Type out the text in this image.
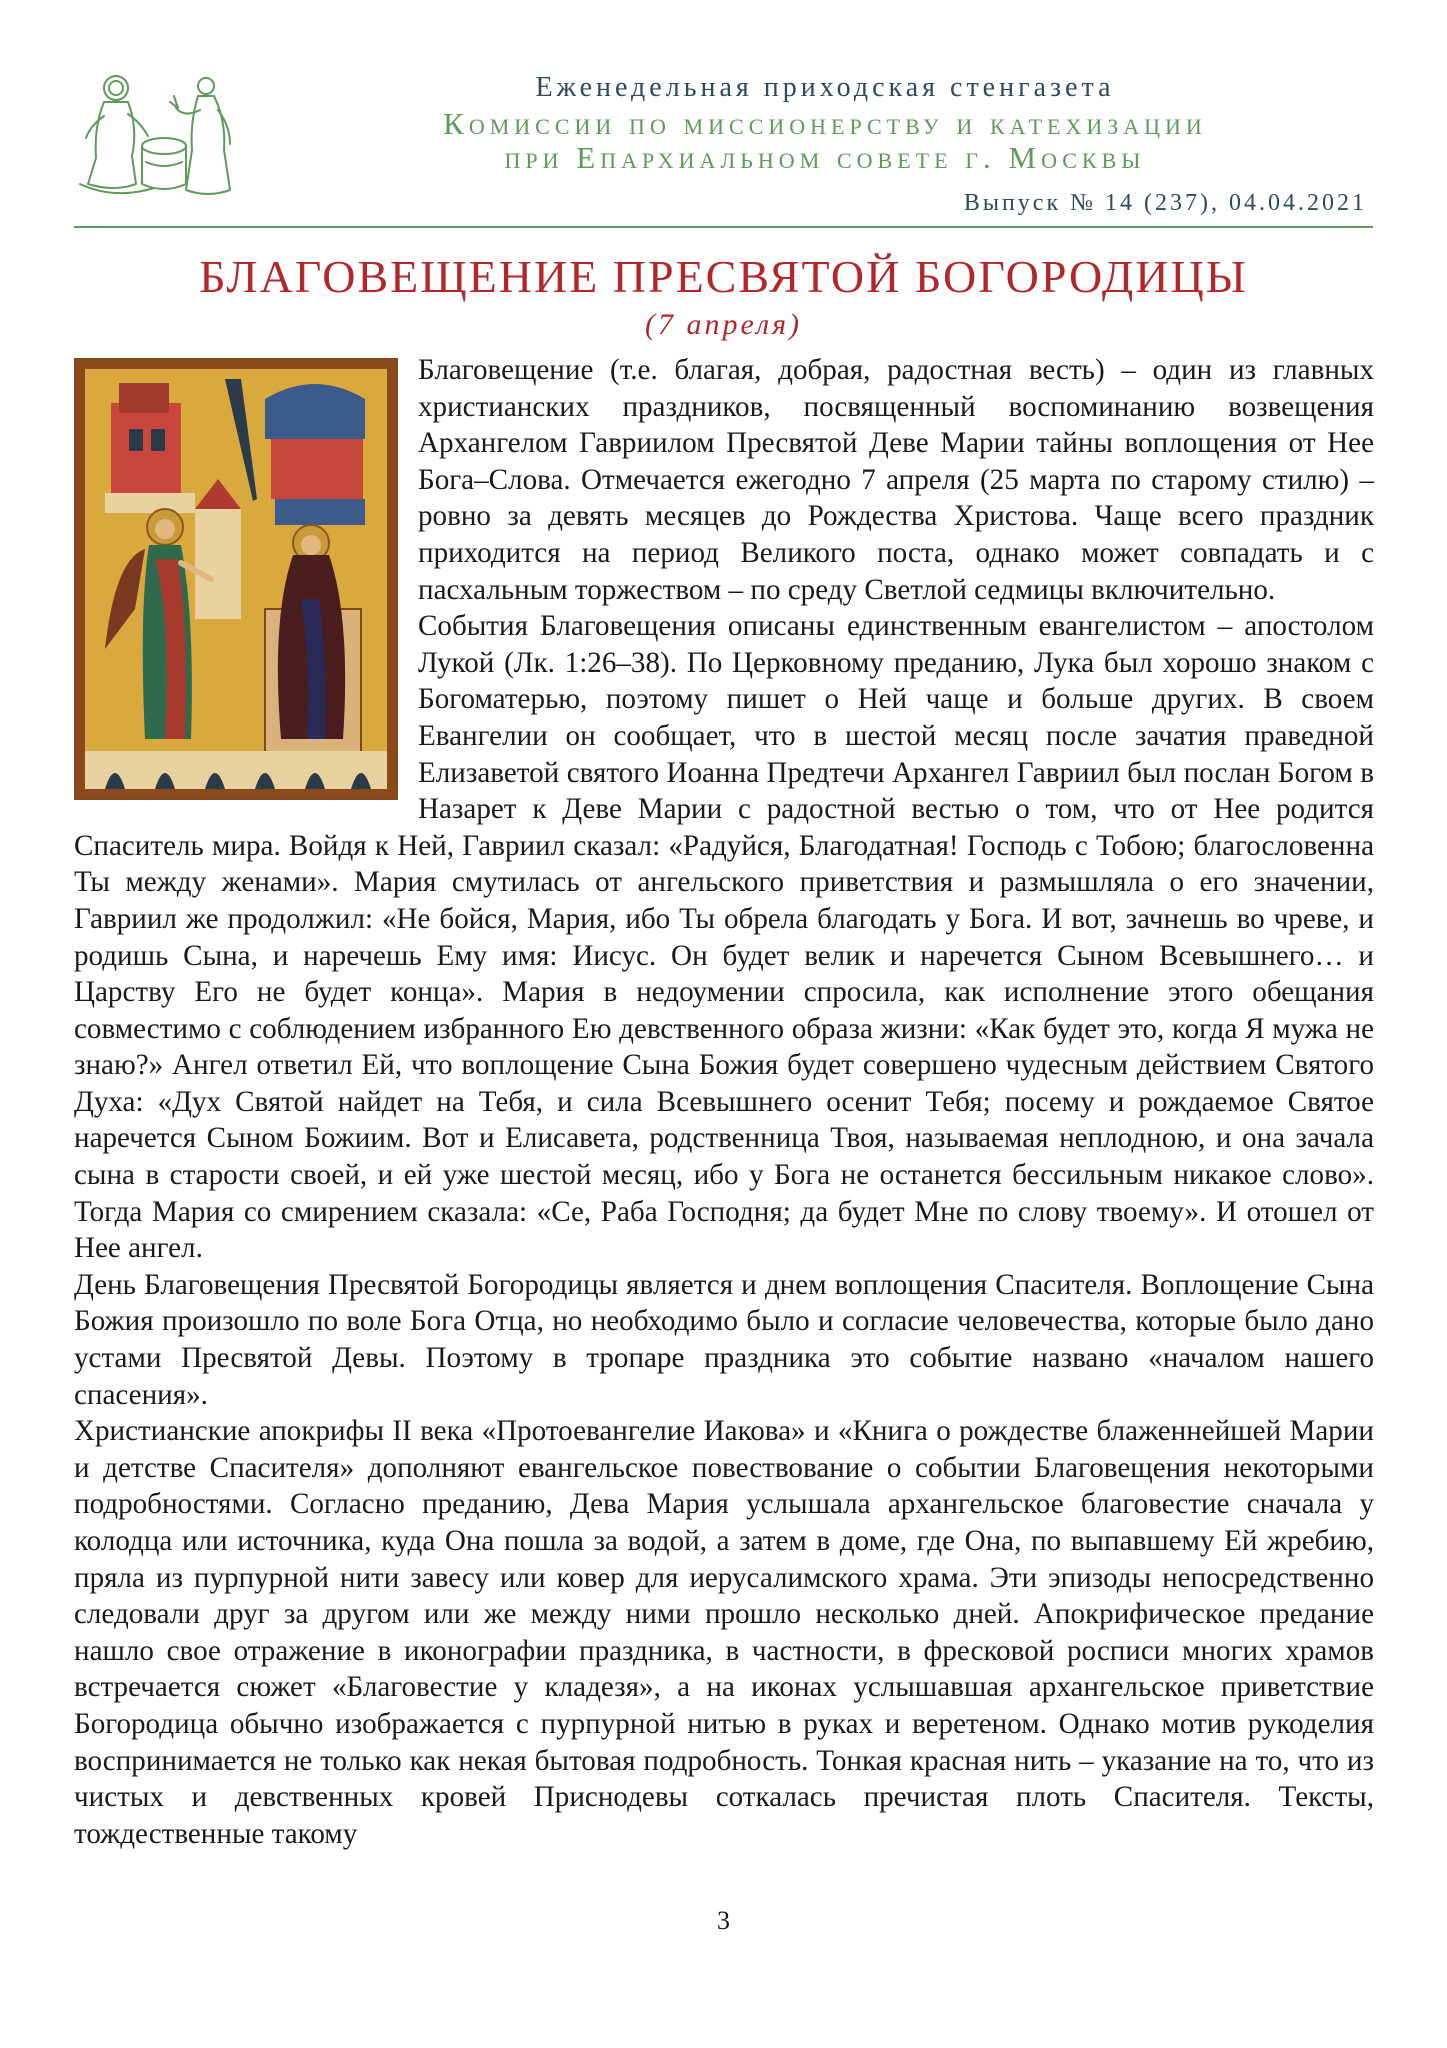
Еженедельная приходская стенгазета
Комиссии по миссионерству и катехизации
при Епархиальном совете г. Москвы
Выпуск № 14 (237), 04.04.2021
БЛАГОВЕЩЕНИЕ ПРЕСВЯТОЙ БОГОРОДИЦЫ
(7 апреля)

Благовещение (т.е. благая, добрая, радостная весть) – один из главных христианских праздников, посвященный воспоминанию возвещения Архангелом Гавриилом Пресвятой Деве Марии тайны воплощения от Нее Бога–Слова. Отмечается ежегодно 7 апреля (25 марта по старому стилю) – ровно за девять месяцев до Рождества Христова. Чаще всего праздник приходится на период Великого поста, однако может совпадать и с пасхальным торжеством – по среду Светлой седмицы включительно.

События Благовещения описаны единственным евангелистом – апостолом Лукой (Лк. 1:26–38). По Церковному преданию, Лука был хорошо знаком с Богоматерью, поэтому пишет о Ней чаще и больше других. В своем Евангелии он сообщает, что в шестой месяц после зачатия праведной Елизаветой святого Иоанна Предтечи Архангел Гавриил был послан Богом в Назарет к Деве Марии с радостной вестью о том, что от Нее родится Спаситель мира. Войдя к Ней, Гавриил сказал: «Радуйся, Благодатная! Господь с Тобою; благословенна Ты между женами». Мария смутилась от ангельского приветствия и размышляла о его значении, Гавриил же продолжил: «Не бойся, Мария, ибо Ты обрела благодать у Бога. И вот, зачнешь во чреве, и родишь Сына, и наречешь Ему имя: Иисус. Он будет велик и наречется Сыном Всевышнего… и Царству Его не будет конца». Мария в недоумении спросила, как исполнение этого обещания совместимо с соблюдением избранного Ею девственного образа жизни: «Как будет это, когда Я мужа не знаю?» Ангел ответил Ей, что воплощение Сына Божия будет совершено чудесным действием Святого Духа: «Дух Святой найдет на Тебя, и сила Всевышнего осенит Тебя; посему и рождаемое Святое наречется Сыном Божиим. Вот и Елисавета, родственница Твоя, называемая неплодною, и она зачала сына в старости своей, и ей уже шестой месяц, ибо у Бога не останется бессильным никакое слово». Тогда Мария со смирением сказала: «Се, Раба Господня; да будет Мне по слову твоему». И отошел от Нее ангел.

День Благовещения Пресвятой Богородицы является и днем воплощения Спасителя. Воплощение Сына Божия произошло по воле Бога Отца, но необходимо было и согласие человечества, которые было дано устами Пресвятой Девы. Поэтому в тропаре праздника это событие названо «началом нашего спасения».

Христианские апокрифы II века «Протоевангелие Иакова» и «Книга о рождестве блаженнейшей Марии и детстве Спасителя» дополняют евангельское повествование о событии Благовещения некоторыми подробностями. Согласно преданию, Дева Мария услышала архангельское благовестие сначала у колодца или источника, куда Она пошла за водой, а затем в доме, где Она, по выпавшему Ей жребию, пряла из пурпурной нити завесу или ковер для иерусалимского храма. Эти эпизоды непосредственно следовали друг за другом или же между ними прошло несколько дней. Апокрифическое предание нашло свое отражение в иконографии праздника, в частности, в фресковой росписи многих храмов встречается сюжет «Благовестие у кладезя», а на иконах услышавшая архангельское приветствие Богородица обычно изображается с пурпурной нитью в руках и веретеном. Однако мотив рукоделия воспринимается не только как некая бытовая подробность. Тонкая красная нить – указание на то, что из чистых и девственных кровей Приснодевы соткалась пречистая плоть Спасителя. Тексты, тождественные такому

3
